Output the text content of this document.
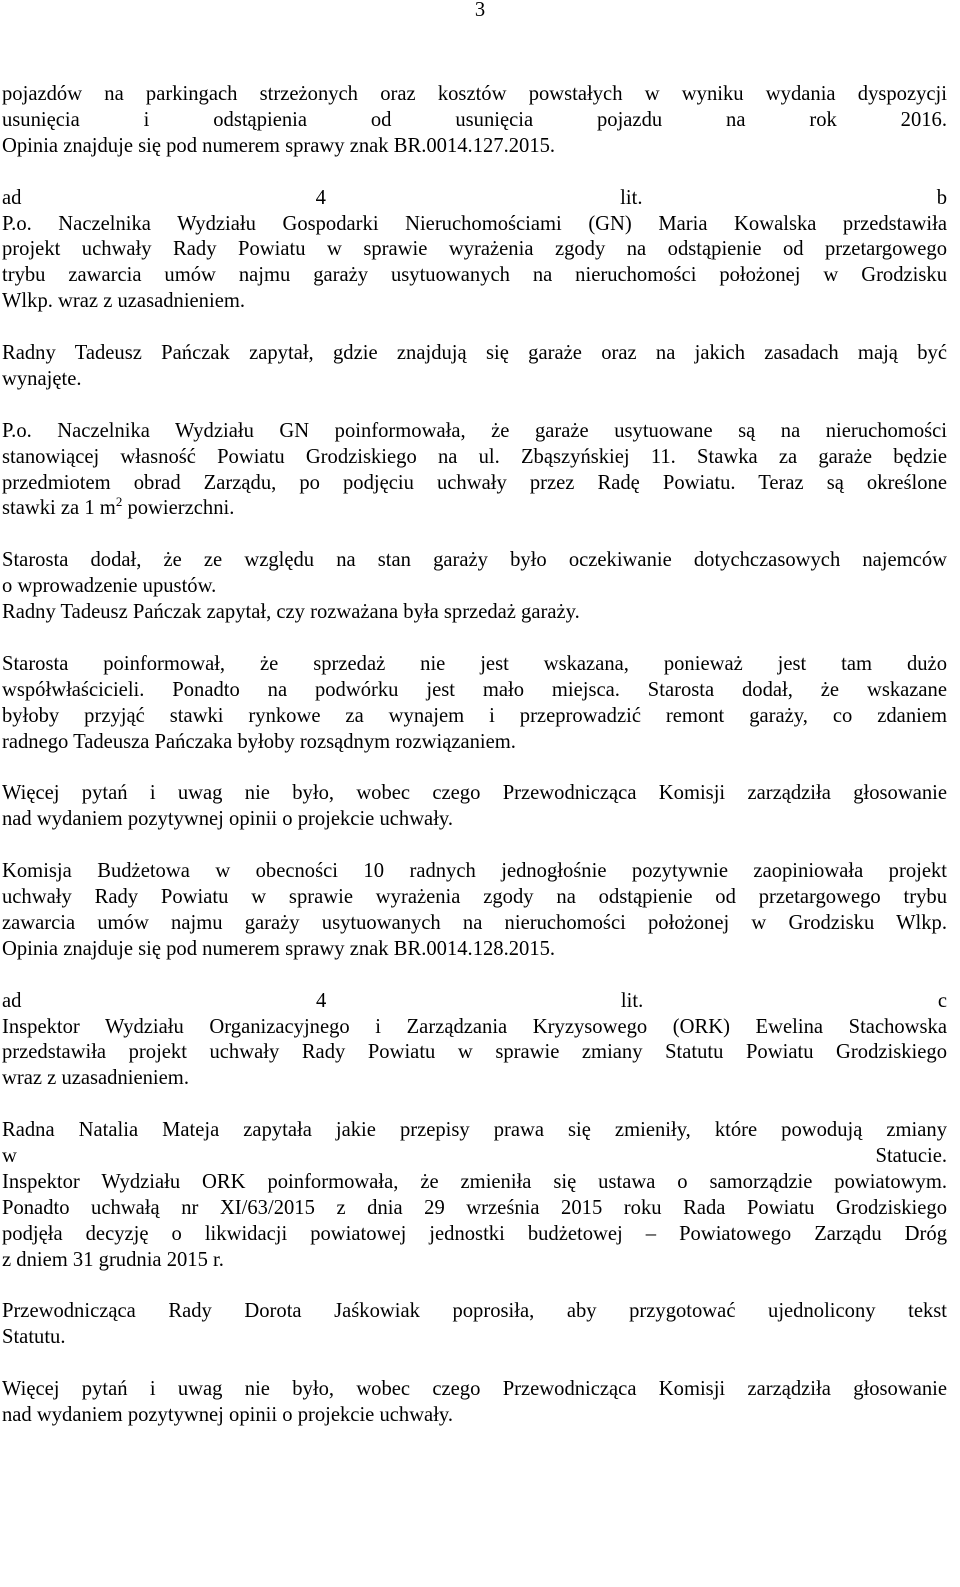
3

pojazdów na parkingach strzeżonych oraz kosztów powstałych w wyniku wydania dyspozycji
usunięcia i odstąpienia od usunięcia pojazdu na rok 2016.
Opinia znajduje się pod numerem sprawy znak BR.0014.127.2015.

ad 4 lit. b
P.o. Naczelnika Wydziału Gospodarki Nieruchomościami (GN) Maria Kowalska przedstawiła
projekt uchwały Rady Powiatu w sprawie wyrażenia zgody na odstąpienie od przetargowego
trybu zawarcia umów najmu garaży usytuowanych na nieruchomości położonej w Grodzisku
Wlkp. wraz z uzasadnieniem.

Radny Tadeusz Pańczak zapytał, gdzie znajdują się garaże oraz na jakich zasadach mają być
wynajęte.

P.o. Naczelnika Wydziału GN poinformowała, że garaże usytuowane są na nieruchomości
stanowiącej własność Powiatu Grodziskiego na ul. Zbąszyńskiej 11. Stawka za garaże będzie
przedmiotem obrad Zarządu, po podjęciu uchwały przez Radę Powiatu. Teraz są określone
stawki za 1 $m^2$ powierzchni.

Starosta dodał, że ze względu na stan garaży było oczekiwanie dotychczasowych najemców
o wprowadzenie upustów.

Radny Tadeusz Pańczak zapytał, czy rozważana była sprzedaż garaży.

Starosta poinformował, że sprzedaż nie jest wskazana, ponieważ jest tam dużo
współwłaścicieli. Ponadto na podwórku jest mało miejsca. Starosta dodał, że wskazane
byłoby przyjąć stawki rynkowe za wynajem i przeprowadzić remont garaży, co zdaniem
radnego Tadeusza Pańczaka byłoby rozsądnym rozwiązaniem.

Więcej pytań i uwag nie było, wobec czego Przewodnicząca Komisji zarządziła głosowanie
nad wydaniem pozytywnej opinii o projekcie uchwały.

Komisja Budżetowa w obecności 10 radnych jednogłośnie pozytywnie zaopiniowała projekt
uchwały Rady Powiatu w sprawie wyrażenia zgody na odstąpienie od przetargowego trybu
zawarcia umów najmu garaży usytuowanych na nieruchomości położonej w Grodzisku Wlkp.
Opinia znajduje się pod numerem sprawy znak BR.0014.128.2015.

ad 4 lit. c
Inspektor Wydziału Organizacyjnego i Zarządzania Kryzysowego (ORK) Ewelina Stachowska
przedstawiła projekt uchwały Rady Powiatu w sprawie zmiany Statutu Powiatu Grodziskiego
wraz z uzasadnieniem.

Radna Natalia Mateja zapytała jakie przepisy prawa się zmieniły, które powodują zmiany
w Statucie.
Inspektor Wydziału ORK poinformowała, że zmieniła się ustawa o samorządzie powiatowym.
Ponadto uchwałą nr XI/63/2015 z dnia 29 września 2015 roku Rada Powiatu Grodziskiego
podjęła decyzję o likwidacji powiatowej jednostki budżetowej – Powiatowego Zarządu Dróg
z dniem 31 grudnia 2015 r.

Przewodnicząca Rady Dorota Jaśkowiak poprosiła, aby przygotować ujednolicony tekst
Statutu.

Więcej pytań i uwag nie było, wobec czego Przewodnicząca Komisji zarządziła głosowanie
nad wydaniem pozytywnej opinii o projekcie uchwały.
